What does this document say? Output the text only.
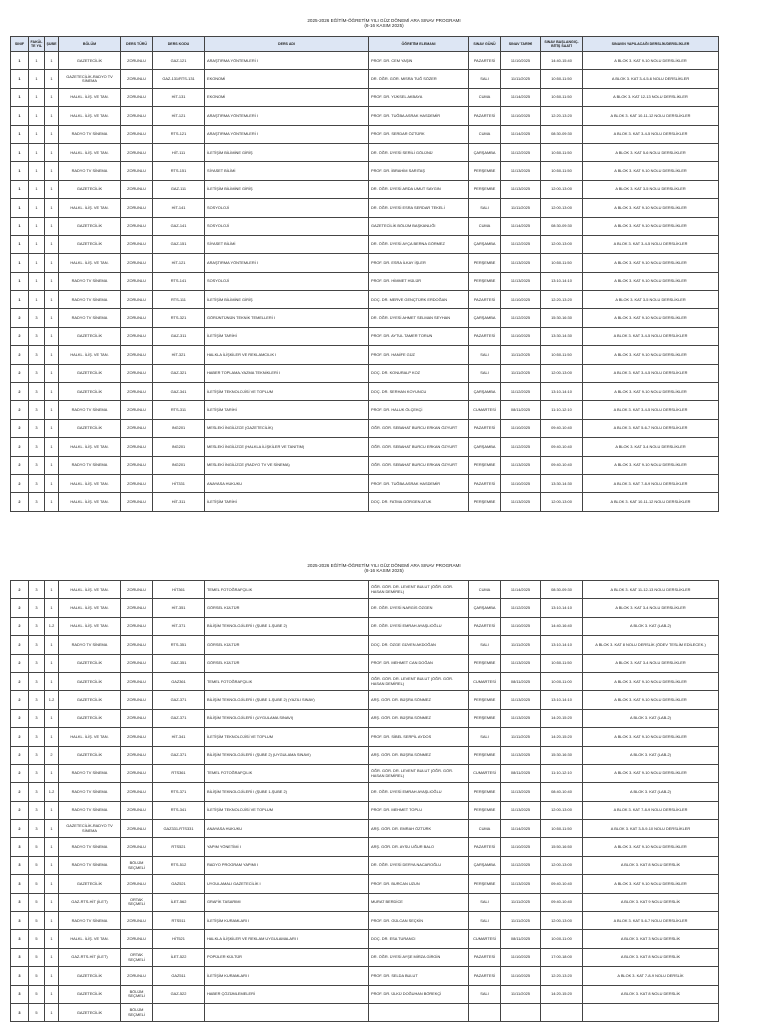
2025-2026 EĞİTİM-ÖĞRETİM YILI GÜZ DÖNEMİ ARA SINAV PROGRAMI
(8-16 KASIM 2025)
SINIF	FAKÜLTE YIL	ŞUBE	BÖLÜM	DERS TÜRÜ	DERS KODU	DERS ADI	ÖĞRETİM ELEMANI	SINAV GÜNÜ	SINAV TARİHİ	SINAV BAŞLANGIÇ-BİTİŞ SAATİ	SINAVIN YAPILACAĞI DERSLİK/DERSLİKLER
1	1	1	GAZETECİLİK	ZORUNLU	GAZ-121	ARAŞTIRMA YÖNTEMLERİ I	PROF. DR. CEM YAŞIN	PAZARTESİ	11/10/2025	14:40-15:40	A BLOK 3. KAT 9-10 NOLU DERSLİKLER
1	1	1	GAZETECİLİK-RADYO TV SİNEMA	ZORUNLU	GAZ-131/RTS-131	EKONOMİ	DR. ÖĞR. GÖR. MISRA TUĞ SÖZER	SALI	11/11/2025	10:50-11:50	A BLOK 3. KAT 3-4-5-6 NOLU DERSLİKLER
1	1	1	HALKL. İLİŞ. VE TAN.	ZORUNLU	HİT-131	EKONOMİ	PROF. DR. YÜKSEL AKBAYA	CUMA	11/14/2025	10:50-11:50	A BLOK 3. KAT 12-13 NOLU DERSLİKLER
1	1	1	HALKL. İLİŞ. VE TAN.	ZORUNLU	HİT-121	ARAŞTIRMA YÖNTEMLERİ I	PROF. DR. TUĞBA ASRAK HASDEMİR	PAZARTESİ	11/10/2025	12:20-13:20	A BLOK 3. KAT 10-11-12 NOLU DERSLİKLER
1	1	1	RADYO TV SİNEMA	ZORUNLU	RTS-121	ARAŞTIRMA YÖNTEMLERİ I	PROF. DR. SERDAR ÖZTÜRK	CUMA	11/14/2025	08:30-09:30	A BLOK 3. KAT 3-4-5 NOLU DERSLİKLER
1	1	1	HALKL. İLİŞ. VE TAN.	ZORUNLU	HİT-111	İLETİŞİM BİLİMİNE GİRİŞ	DR. ÖĞR. ÜYESİ SERİLİ GÖLÜNÜ	ÇARŞAMBA	11/12/2025	10:50-11:50	A BLOK 3. KAT 5-6 NOLU DERSLİKLER
1	1	1	RADYO TV SİNEMA	ZORUNLU	RTS-151	SİYASET BİLİMİ	PROF. DR. İBRAHİM SARITAŞ	PERŞEMBE	11/13/2025	10:50-11:50	A BLOK 3. KAT 9-10 NOLU DERSLİKLER
1	1	1	GAZETECİLİK	ZORUNLU	GAZ-111	İLETİŞİM BİLİMİNE GİRİŞ	DR. ÖĞR. ÜYESİ ARDA UMUT SAYGIN	PERŞEMBE	11/13/2025	12:00-13:00	A BLOK 3. KAT 3-5 NOLU DERSLİKLER
1	1	1	HALKL. İLİŞ. VE TAN.	ZORUNLU	HİT-141	SOSYOLOJİ	DR. ÖĞR. ÜYESİ ESRA SERDAR TEKELİ	SALI	11/11/2025	12:00-13:00	A BLOK 3. KAT 9-10 NOLU DERSLİKLER
1	1	1	GAZETECİLİK	ZORUNLU	GAZ-141	SOSYOLOJİ	GAZETECİLİK BÖLÜM BAŞKANLIĞI	CUMA	11/14/2025	08:30-09:30	A BLOK 3. KAT 9-10 NOLU DERSLİKLER
1	1	1	GAZETECİLİK	ZORUNLU	GAZ-151	SİYASET BİLİMİ	DR. ÖĞR. ÜYESİ AYÇA BERNA GÖRMEZ	ÇARŞAMBA	11/12/2025	12:00-13:00	A BLOK 3. KAT 3-4-5 NOLU DERSLİKLER
1	1	1	HALKL. İLİŞ. VE TAN.	ZORUNLU	HİT-121	ARAŞTIRMA YÖNTEMLERİ I	PROF. DR. ESRA İLKAY İŞLER	PERŞEMBE	11/13/2025	10:50-11:50	A BLOK 3. KAT 9-10 NOLU DERSLİKLER
1	1	1	RADYO TV SİNEMA	ZORUNLU	RTS-141	SOSYOLOJİ	PROF. DR. HİMMET HÜLÜR	PERŞEMBE	11/13/2025	13:10-14:10	A BLOK 3. KAT 9-10 NOLU DERSLİKLER
1	1	1	RADYO TV SİNEMA	ZORUNLU	RTS-111	İLETİŞİM BİLİMİNE GİRİŞ	DOÇ. DR. MERVE GENÇTÜRK ERDOĞAN	PAZARTESİ	11/10/2025	12:20-13:20	A BLOK 3. KAT 3-5 NOLU DERSLİKLER
2	3	1	RADYO TV SİNEMA	ZORUNLU	RTS-321	GÖRÜNTÜNÜN TEKNİK TEMELLERİ I	DR. ÖĞR. ÜYESİ AHMET SELMAN SEYHAN	ÇARŞAMBA	11/12/2025	15:30-16:30	A BLOK 3. KAT 9-10 NOLU DERSLİKLER
2	3	1	GAZETECİLİK	ZORUNLU	GAZ-311	İLETİŞİM TARİHİ	PROF. DR. AYTUL TAMER TORUN	PAZARTESİ	11/10/2025	13:30-14:30	A BLOK 3. KAT 3-4-5 NOLU DERSLİKLER
2	3	1	HALKL. İLİŞ. VE TAN.	ZORUNLU	HİT-321	HALKLA İLİŞKİLER VE REKLAMCILIK I	PROF. DR. HANİFE GÜZ	SALI	11/11/2025	10:50-11:50	A BLOK 3. KAT 9-10 NOLU DERSLİKLER
2	3	1	GAZETECİLİK	ZORUNLU	GAZ-321	HABER TOPLAMA-YAZMA TEKNİKLERİ I	DOÇ. DR. KONURALP KOZ	SALI	11/11/2025	12:00-13:00	A BLOK 3. KAT 3-4-5 NOLU DERSLİKLER
2	3	1	GAZETECİLİK	ZORUNLU	GAZ-341	İLETİŞİM TEKNOLOJİSİ VE TOPLUM	DOÇ. DR. SERHAN KOYUNCU	ÇARŞAMBA	11/12/2025	13:10-14:10	A BLOK 3. KAT 9-10 NOLU DERSLİKLER
2	3	1	RADYO TV SİNEMA	ZORUNLU	RTS-311	İLETİŞİM TARİHİ	PROF. DR. HALUK ÖLÇEKÇİ	CUMARTESİ	08/11/2025	11:10-12:10	A BLOK 3. KAT 3-4-5 NOLU DERSLİKLER
2	3	1	GAZETECİLİK	ZORUNLU	ING201	MESLEKİ İNGİLİZCE (GAZETECİLİK)	ÖĞR. GÖR. SEBAHAT BURCU ERKAN ÖZYURT	PAZARTESİ	11/10/2025	09:40-10:40	A BLOK 3. KAT 5-6-7 NOLU DERSLİKLER
2	3	1	HALKL. İLİŞ. VE TAN.	ZORUNLU	ING201	MESLEKİ İNGİLİZCE (HALKLA İLİŞKİLER VE TANITIM)	ÖĞR. GÖR. SEBAHAT BURCU ERKAN ÖZYURT	ÇARŞAMBA	11/12/2025	09:40-10:40	A BLOK 3. KAT 3-4 NOLU DERSLİKLER
2	3	1	RADYO TV SİNEMA	ZORUNLU	ING201	MESLEKİ İNGİLİZCE (RADYO TV VE SİNEMA)	ÖĞR. GÖR. SEBAHAT BURCU ERKAN ÖZYURT	PERŞEMBE	11/13/2025	09:40-10:40	A BLOK 3. KAT 9-10 NOLU DERSLİKLER
2	3	1	HALKL. İLİŞ. VE TAN.	ZORUNLU	HİT331	ANAYASA HUKUKU	PROF. DR. TUĞBA ASRAK HASDEMİR	PAZARTESİ	11/10/2025	13:30-14:30	A BLOK 3. KAT 7-8-9 NOLU DERSLİKLER
2	3	1	HALKL. İLİŞ. VE TAN.	ZORUNLU	HİT-311	İLETİŞİM TARİHİ	DOÇ. DR. FATMA GÖRGEN ATUK	PERŞEMBE	11/13/2025	12:00-13:00	A BLOK 3. KAT 10-11-12 NOLU DERSLİKLER
2025-2026 EĞİTİM-ÖĞRETİM YILI GÜZ DÖNEMİ ARA SINAV PROGRAMI
(8-16 KASIM 2025)
2	3	1	HALKL. İLİŞ. VE TAN.	ZORUNLU	HİT361	TEMEL FOTOĞRAFÇILIK	ÖĞR. GÖR. DR. LEVENT BULUT (ÖĞR. GÖR. HASAN DEMİREL)	CUMA	11/14/2025	08:30-09:30	A BLOK 3. KAT 11-12-13 NOLU DERSLİKLER
2	3	1	HALKL. İLİŞ. VE TAN.	ZORUNLU	HİT-351	GÖRSEL KÜLTÜR	DR. ÖĞR. ÜYESİ NARGİS ÖZGEN	ÇARŞAMBA	11/12/2025	13:10-14:10	A BLOK 3. KAT 3-4 NOLU DERSLİKLER
2	3	1-2	HALKL. İLİŞ. VE TAN.	ZORUNLU	HİT-371	BİLİŞİM TEKNOLOJİLERİ I (ŞUBE 1-ŞUBE 2)	DR. ÖĞR. ÜYESİ EMRAH AYAŞLIOĞLU	PAZARTESİ	11/10/2025	14:40-16:40	A BLOK 3. KAT (LAB-2)
2	3	1	RADYO TV SİNEMA	ZORUNLU	RTS-351	GÖRSEL KÜLTÜR	DOÇ. DR. ÖZGE GÜVEN AKDOĞAN	SALI	11/11/2025	13:10-14:10	A BLOK 3. KAT 8 NOLU DERSLİK (ÖDEV TESLİM EDİLECEK.)
2	3	1	GAZETECİLİK	ZORUNLU	GAZ-351	GÖRSEL KÜLTÜR	PROF. DR. MEHMET CAN DOĞAN	PERŞEMBE	11/13/2025	10:50-11:50	A BLOK 3. KAT 3-4 NOLU DERSLİKLER
2	3	1	GAZETECİLİK	ZORUNLU	GAZ361	TEMEL FOTOĞRAFÇILIK	ÖĞR. GÖR. DR. LEVENT BULUT (ÖĞR. GÖR. HASAN DEMİREL)	CUMARTESİ	08/11/2025	10:00-11:00	A BLOK 3. KAT 9-10 NOLU DERSLİKLER
2	3	1-2	GAZETECİLİK	ZORUNLU	GAZ-371	BİLİŞİM TEKNOLOJİLERİ I (ŞUBE 1-ŞUBE 2) (YAZILI SINAV)	ARŞ. GÖR. DR. BÜŞRA SÖNMEZ	PERŞEMBE	11/13/2025	13:10-14:10	A BLOK 3. KAT 9-10 NOLU DERSLİKLER
2	3	1	GAZETECİLİK	ZORUNLU	GAZ-371	BİLİŞİM TEKNOLOJİLERİ I (UYGULAMA SINAVI)	ARŞ. GÖR. DR. BÜŞRA SÖNMEZ	PERŞEMBE	11/13/2025	14:20-15:20	A BLOK 3. KAT (LAB-2)
2	3	1	HALKL. İLİŞ. VE TAN.	ZORUNLU	HİT-341	İLETİŞİM TEKNOLOJİSİ VE TOPLUM	PROF. DR. SİBEL SERPİL AYDOS	SALI	11/11/2025	14:20-15:20	A BLOK 3. KAT 9-10 NOLU DERSLİKLER
2	3	2	GAZETECİLİK	ZORUNLU	GAZ-371	BİLİŞİM TEKNOLOJİLERİ I (ŞUBE 2) (UYGULAMA SINAVI)	ARŞ. GÖR. DR. BÜŞRA SÖNMEZ	PERŞEMBE	11/13/2025	15:30-16:30	A BLOK 3. KAT (LAB-2)
2	3	1	RADYO TV SİNEMA	ZORUNLU	RTS361	TEMEL FOTOĞRAFÇILIK	ÖĞR. GÖR. DR. LEVENT BULUT (ÖĞR. GÖR. HASAN DEMİREL)	CUMARTESİ	08/11/2025	11:10-12:10	A BLOK 3. KAT 9-10 NOLU DERSLİKLER
2	3	1-2	RADYO TV SİNEMA	ZORUNLU	RTS-371	BİLİŞİM TEKNOLOJİLERİ I (ŞUBE 1-ŞUBE 2)	DR. ÖĞR. ÜYESİ EMRAH AYAŞLIOĞLU	PERŞEMBE	11/13/2025	08:40-10:40	A BLOK 3. KAT (LAB-2)
2	3	1	RADYO TV SİNEMA	ZORUNLU	RTS-341	İLETİŞİM TEKNOLOJİSİ VE TOPLUM	PROF. DR. MEHMET TOPLU	PERŞEMBE	11/13/2025	12:00-13:00	A BLOK 3. KAT 7-8-9 NOLU DERSLİKLER
2	3	1	GAZETECİLİK-RADYO TV SİNEMA	ZORUNLU	GAZ331-RTS331	ANAYASA HUKUKU	ARŞ. GÖR. DR. EMRAH ÖZTÜRK	CUMA	11/14/2025	10:50-11:50	A BLOK 3. KAT 3-5-9-10 NOLU DERSLİKLER
3	5	1	RADYO TV SİNEMA	ZORUNLU	RTS521	YAPIM YÖNETİMİ I	ARŞ. GÖR. DR. AYSU UĞUR BALO	PAZARTESİ	11/10/2025	15:50-16:50	A BLOK 3. KAT 9-10 NOLU DERSLİKLER
3	5	1	RADYO TV SİNEMA	BÖLÜM SEÇMELİ	RTS-512	RADYO PROGRAM YAPIMI I	DR. ÖĞR. ÜYESİ DERYA NACAROĞLU	ÇARŞAMBA	11/12/2025	12:00-13:00	A BLOK 3. KAT 8 NOLU DERSLİK
3	5	1	GAZETECİLİK	ZORUNLU	GAZ521	UYGULAMALI GAZETECİLİK I	PROF. DR. BURCAN UZUN	PERŞEMBE	11/13/2025	09:40-10:40	A BLOK 3. KAT 9-10 NOLU DERSLİKLER
3	5	1	GAZ-RTS-HİT (İLET)	ORTAK SEÇMELİ	İLET-562	GRAFİK TASARIMI	MURAT BERDİCE	SALI	11/11/2025	09:40-10:40	A BLOK 3. KAT 9 NOLU DERSLİK
3	5	1	RADYO TV SİNEMA	ZORUNLU	RTS511	İLETİŞİM KURAMLARI I	PROF. DR. GÜLCAN SEÇKİN	SALI	11/11/2025	12:00-13:00	A BLOK 3. KAT 5-6-7 NOLU DERSLİKLER
3	5	1	HALKL. İLİŞ. VE TAN.	ZORUNLU	HİT521	HALKLA İLİŞKİLER VE REKLAM UYGULAMALARI I	DOÇ. DR. ESA TURANCI	CUMARTESİ	08/11/2025	10:00-11:00	A BLOK 3. KAT 3 NOLU DERSLİK
3	5	1	GAZ-RTS-HİT (İLET)	ORTAK SEÇMELİ	İLET-522	POPÜLER KÜLTÜR	DR. ÖĞR. ÜYESİ AYŞE MİRZA GİRGİN	PAZARTESİ	11/10/2025	17:00-18:00	A BLOK 3. KAT 8 NOLU DERSLİK
3	5	1	GAZETECİLİK	ZORUNLU	GAZ511	İLETİŞİM KURAMLARI I	PROF. DR. SELDA BULUT	PAZARTESİ	11/10/2025	12:20-13:20	A BLOK 3. KAT 7-8-9 NOLU DERSLİK
3	5	1	GAZETECİLİK	BÖLÜM SEÇMELİ	GAZ-522	HABER ÇÖZÜMLEMELERİ	PROF. DR. ÜLKÜ DOĞUHAN BÖREKÇİ	SALI	11/11/2025	14:20-15:20	A BLOK 3. KAT 8 NOLU DERSLİK
3	5	1	GAZETECİLİK	BÖLÜM SEÇMELİ							
